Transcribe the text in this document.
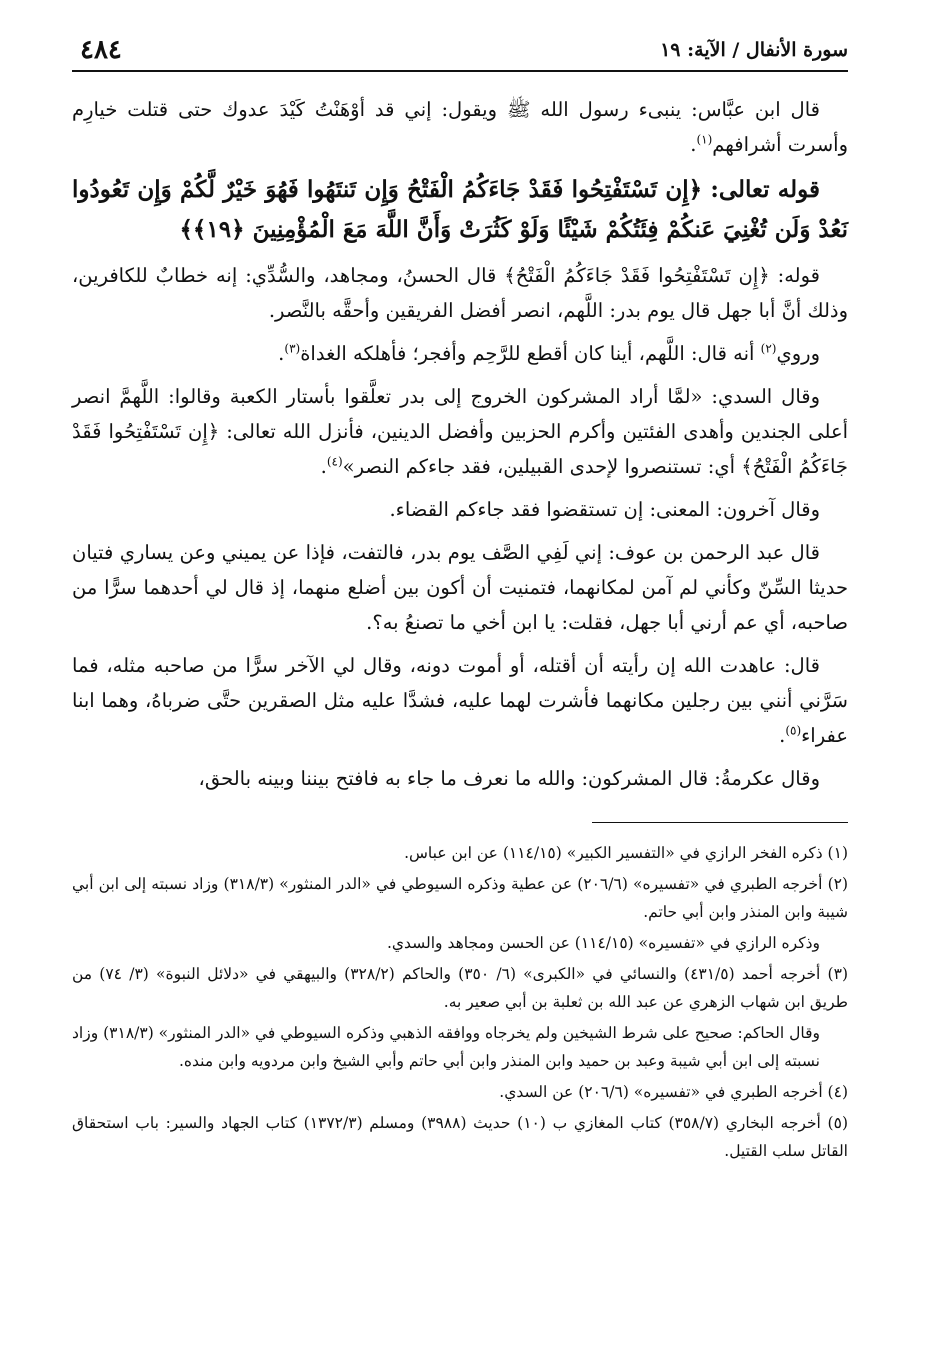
سورة الأنفال / الآية: ١٩
٤٨٤

قال ابن عبَّاس: ينبىء رسول الله ﷺ ويقول: إني قد أوْهَنْتُ كَيْدَ عدوك حتى قتلت خيارِم وأسرت أشرافهم$^{(١)}$.

قوله تعالى: ﴿إِن تَسْتَفْتِحُوا فَقَدْ جَاءَكُمُ الْفَتْحُ وَإِن تَنتَهُوا فَهُوَ خَيْرٌ لَّكُمْ وَإِن تَعُودُوا نَعُدْ وَلَن تُغْنِيَ عَنكُمْ فِئَتُكُمْ شَيْئًا وَلَوْ كَثُرَتْ وَأَنَّ اللَّهَ مَعَ الْمُؤْمِنِينَ ﴿١٩﴾﴾

قوله: ﴿إِن تَسْتَفْتِحُوا فَقَدْ جَاءَكُمُ الْفَتْحُ﴾ قال الحسنُ، ومجاهد، والسُّدِّي: إنه خطابٌ للكافرين، وذلك أنَّ أبا جهل قال يوم بدر: اللَّهم، انصر أفضل الفريقين وأحقَّه بالنَّصر.

وروي$^{(٢)}$ أنه قال: اللَّهم، أينا كان أقطع للرَّحِم وأفجر؛ فأهلكه الغداة$^{(٣)}$.

وقال السدي: «لمَّا أراد المشركون الخروج إلى بدر تعلَّقوا بأستار الكعبة وقالوا: اللَّهمَّ انصر أعلى الجندين وأهدى الفئتين وأكرم الحزبين وأفضل الدينين، فأنزل الله تعالى: ﴿إِن تَسْتَفْتِحُوا فَقَدْ جَاءَكُمُ الْفَتْحُ﴾ أي: تستنصروا لإحدى القبيلين، فقد جاءكم النصر»$^{(٤)}$.

وقال آخرون: المعنى: إن تستقضوا فقد جاءكم القضاء.

قال عبد الرحمن بن عوف: إني لَفِي الصَّف يوم بدر، فالتفت، فإذا عن يميني وعن يساري فتيان حديثا السِّنّ وكأني لم آمن لمكانهما، فتمنيت أن أكون بين أضلع منهما، إذ قال لي أحدهما سرًّا من صاحبه، أي عم أرني أبا جهل، فقلت: يا ابن أخي ما تصنعُ به؟.

قال: عاهدت الله إن رأيته أن أقتله، أو أموت دونه، وقال لي الآخر سرًّا من صاحبه مثله، فما سَرَّني أنني بين رجلين مكانهما فأشرت لهما عليه، فشدَّا عليه مثل الصقرين حتَّى ضرباهُ، وهما ابنا عفراء$^{(٥)}$.

وقال عكرمةُ: قال المشركون: والله ما نعرف ما جاء به فافتح بيننا وبينه بالحق،

(١) ذكره الفخر الرازي في «التفسير الكبير» (١١٤/١٥) عن ابن عباس.
(٢) أخرجه الطبري في «تفسيره» (٢٠٦/٦) عن عطية وذكره السيوطي في «الدر المنثور» (٣١٨/٣) وزاد نسبته إلى ابن أبي شيبة وابن المنذر وابن أبي حاتم.
وذكره الرازي في «تفسيره» (١١٤/١٥) عن الحسن ومجاهد والسدي.
(٣) أخرجه أحمد (٤٣١/٥) والنسائي في «الكبرى» (٦/ ٣٥٠) والحاكم (٣٢٨/٢) والبيهقي في «دلائل النبوة» (٣/ ٧٤) من طريق ابن شهاب الزهري عن عبد الله بن ثعلبة بن أبي صعير به.
وقال الحاكم: صحيح على شرط الشيخين ولم يخرجاه ووافقه الذهبي وذكره السيوطي في «الدر المنثور» (٣١٨/٣) وزاد نسبته إلى ابن أبي شيبة وعبد بن حميد وابن المنذر وابن أبي حاتم وأبي الشيخ وابن مردويه وابن منده.
(٤) أخرجه الطبري في «تفسيره» (٢٠٦/٦) عن السدي.
(٥) أخرجه البخاري (٣٥٨/٧) كتاب المغازي ب (١٠) حديث (٣٩٨٨) ومسلم (١٣٧٢/٣) كتاب الجهاد والسير: باب استحقاق القاتل سلب القتيل.
